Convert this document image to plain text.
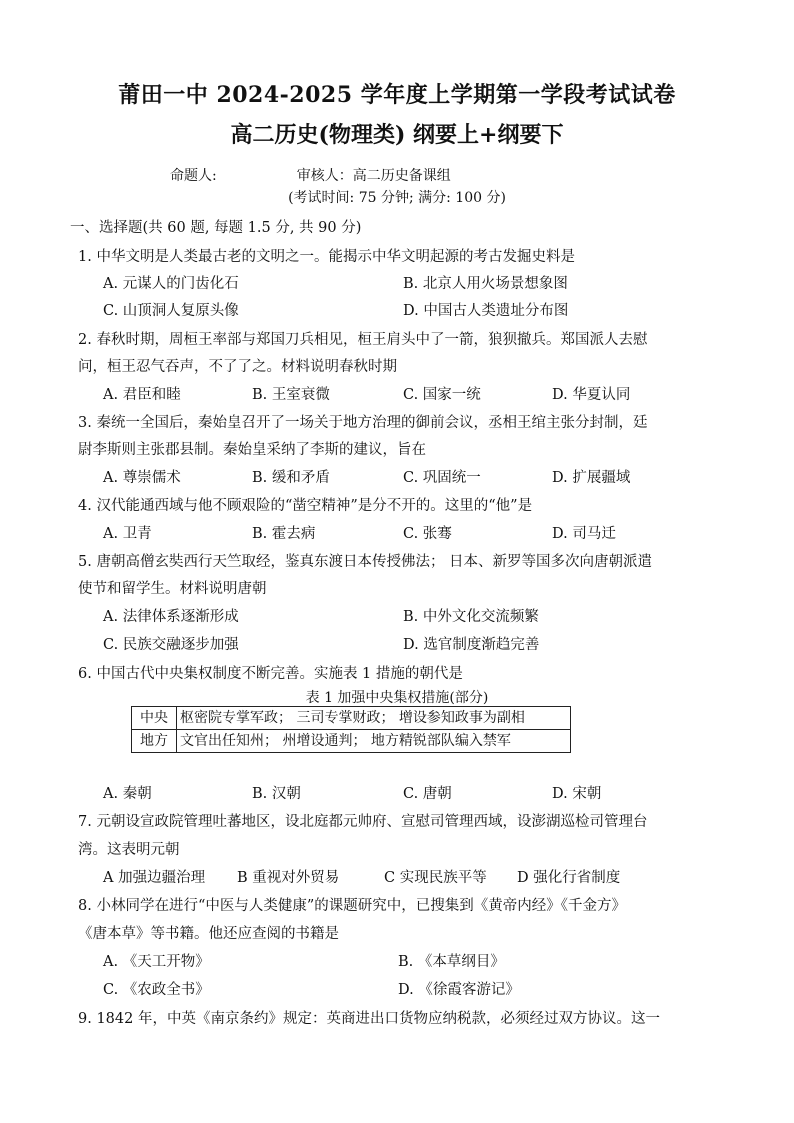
莆田一中 2024-2025 学年度上学期第一学段考试试卷
高二历史(物理类) 纲要上+纲要下
命题人:	审核人：高二历史备课组
(考试时间: 75 分钟; 满分: 100 分)
一、选择题(共 60 题, 每题 1.5 分, 共 90 分)
1. 中华文明是人类最古老的文明之一。能揭示中华文明起源的考古发掘史料是
A. 元谋人的门齿化石	B. 北京人用火场景想象图
C. 山顶洞人复原头像	D. 中国古人类遗址分布图
2. 春秋时期，周桓王率部与郑国刀兵相见，桓王肩头中了一箭，狼狈撤兵。郑国派人去慰
问，桓王忍气吞声，不了了之。材料说明春秋时期
A. 君臣和睦	B. 王室衰微	C. 国家一统	D. 华夏认同
3. 秦统一全国后，秦始皇召开了一场关于地方治理的御前会议，丞相王绾主张分封制，廷
尉李斯则主张郡县制。秦始皇采纳了李斯的建议，旨在
A. 尊崇儒术	B. 缓和矛盾	C. 巩固统一	D. 扩展疆域
4. 汉代能通西域与他不顾艰险的“凿空精神”是分不开的。这里的“他”是
A. 卫青	B. 霍去病	C. 张骞	D. 司马迁
5. 唐朝高僧玄奘西行天竺取经，鉴真东渡日本传授佛法； 日本、新罗等国多次向唐朝派遣
使节和留学生。材料说明唐朝
A. 法律体系逐渐形成	B. 中外文化交流频繁
C. 民族交融逐步加强	D. 选官制度渐趋完善
6. 中国古代中央集权制度不断完善。实施表 1 措施的朝代是
表 1 加强中央集权措施(部分)
中央	枢密院专掌军政； 三司专掌财政； 增设参知政事为副相
地方	文官出任知州； 州增设通判； 地方精锐部队编入禁军
A. 秦朝	B. 汉朝	C. 唐朝	D. 宋朝
7. 元朝设宣政院管理吐蕃地区，设北庭都元帅府、宣慰司管理西域，设澎湖巡检司管理台
湾。这表明元朝
A 加强边疆治理 B 重视对外贸易	C 实现民族平等 D 强化行省制度
8. 小林同学在进行“中医与人类健康”的课题研究中，已搜集到《黄帝内经》《千金方》
《唐本草》等书籍。他还应查阅的书籍是
A. 《天工开物》	B. 《本草纲目》
C. 《农政全书》	D. 《徐霞客游记》
9. 1842 年，中英《南京条约》规定：英商进出口货物应纳税款，必须经过双方协议。这一
